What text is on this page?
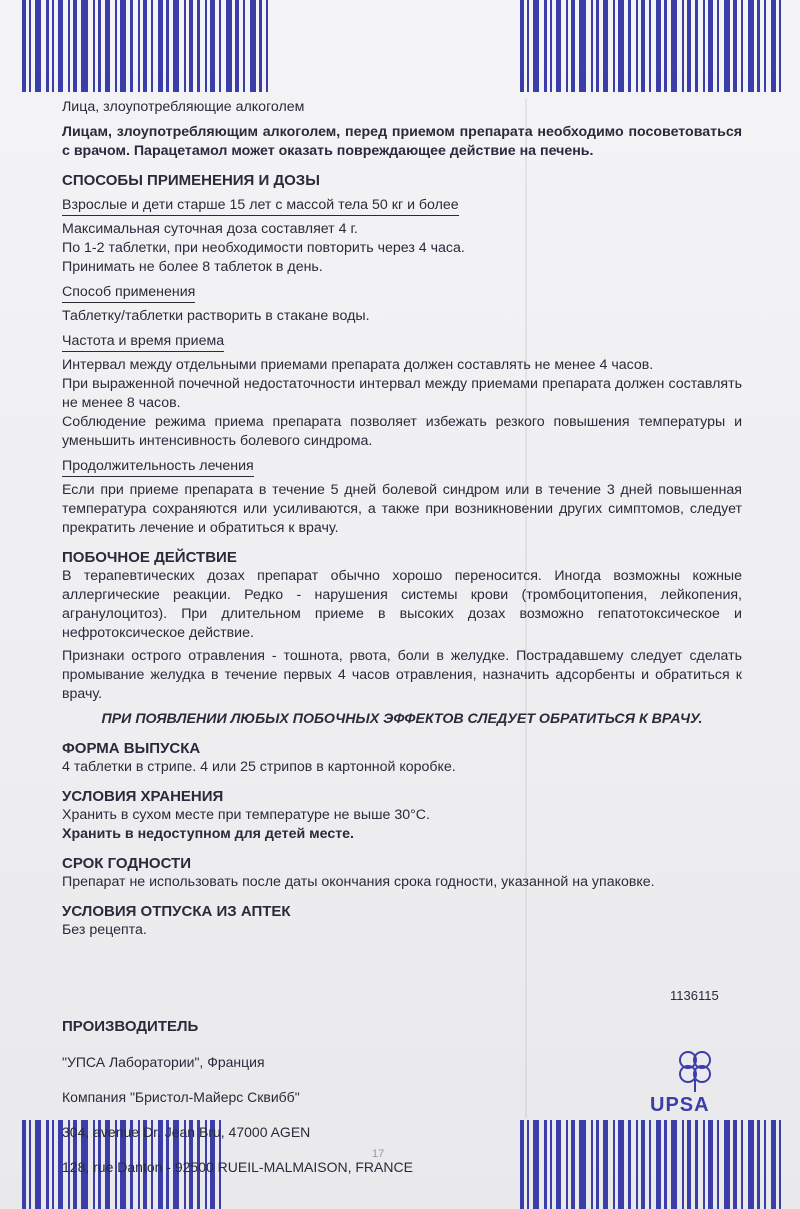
Лица, злоупотребляющие алкоголем

Лицам, злоупотребляющим алкоголем, перед приемом препарата необходимо посоветоваться с врачом. Парацетамол может оказать повреждающее действие на печень.

СПОСОБЫ ПРИМЕНЕНИЯ И ДОЗЫ

Взрослые и дети старше 15 лет с массой тела 50 кг и более

Максимальная суточная доза составляет 4 г.

По 1-2 таблетки, при необходимости повторить через 4 часа.

Принимать не более 8 таблеток в день.

Способ применения

Таблетку/таблетки растворить в стакане воды.

Частота и время приема

Интервал между отдельными приемами препарата должен составлять не менее 4 часов.

При выраженной почечной недостаточности интервал между приемами препарата должен составлять не менее 8 часов.

Соблюдение режима приема препарата позволяет избежать резкого повышения температуры и уменьшить интенсивность болевого синдрома.

Продолжительность лечения

Если при приеме препарата в течение 5 дней болевой синдром или в течение 3 дней повышенная температура сохраняются или усиливаются, а также при возникновении других симптомов, следует прекратить лечение и обратиться к врачу.

ПОБОЧНОЕ ДЕЙСТВИЕ

В терапевтических дозах препарат обычно хорошо переносится. Иногда возможны кожные аллергические реакции. Редко - нарушения системы крови (тромбоцитопения, лейкопения, агранулоцитоз). При длительном приеме в высоких дозах возможно гепатотоксическое и нефротоксическое действие.

Признаки острого отравления - тошнота, рвота, боли в желудке. Пострадавшему следует сделать промывание желудка в течение первых 4 часов отравления, назначить адсорбенты и обратиться к врачу.

ПРИ ПОЯВЛЕНИИ ЛЮБЫХ ПОБОЧНЫХ ЭФФЕКТОВ СЛЕДУЕТ ОБРАТИТЬСЯ К ВРАЧУ.

ФОРМА ВЫПУСКА

4 таблетки в стрипе. 4 или 25 стрипов в картонной коробке.

УСЛОВИЯ ХРАНЕНИЯ

Хранить в сухом месте при температуре не выше 30°С.

Хранить в недоступном для детей месте.

СРОК ГОДНОСТИ

Препарат не использовать после даты окончания срока годности, указанной на упаковке.

УСЛОВИЯ ОТПУСКА ИЗ АПТЕК

Без рецепта.

1136115

ПРОИЗВОДИТЕЛЬ

"УПСА Лаборатории", Франция

Компания "Бристол-Майерс Сквибб"

304, avenue Dr. Jean Bru, 47000 AGEN

128, rue Danton - 92500 RUEIL-MALMAISON, FRANCE

UPSA
17
